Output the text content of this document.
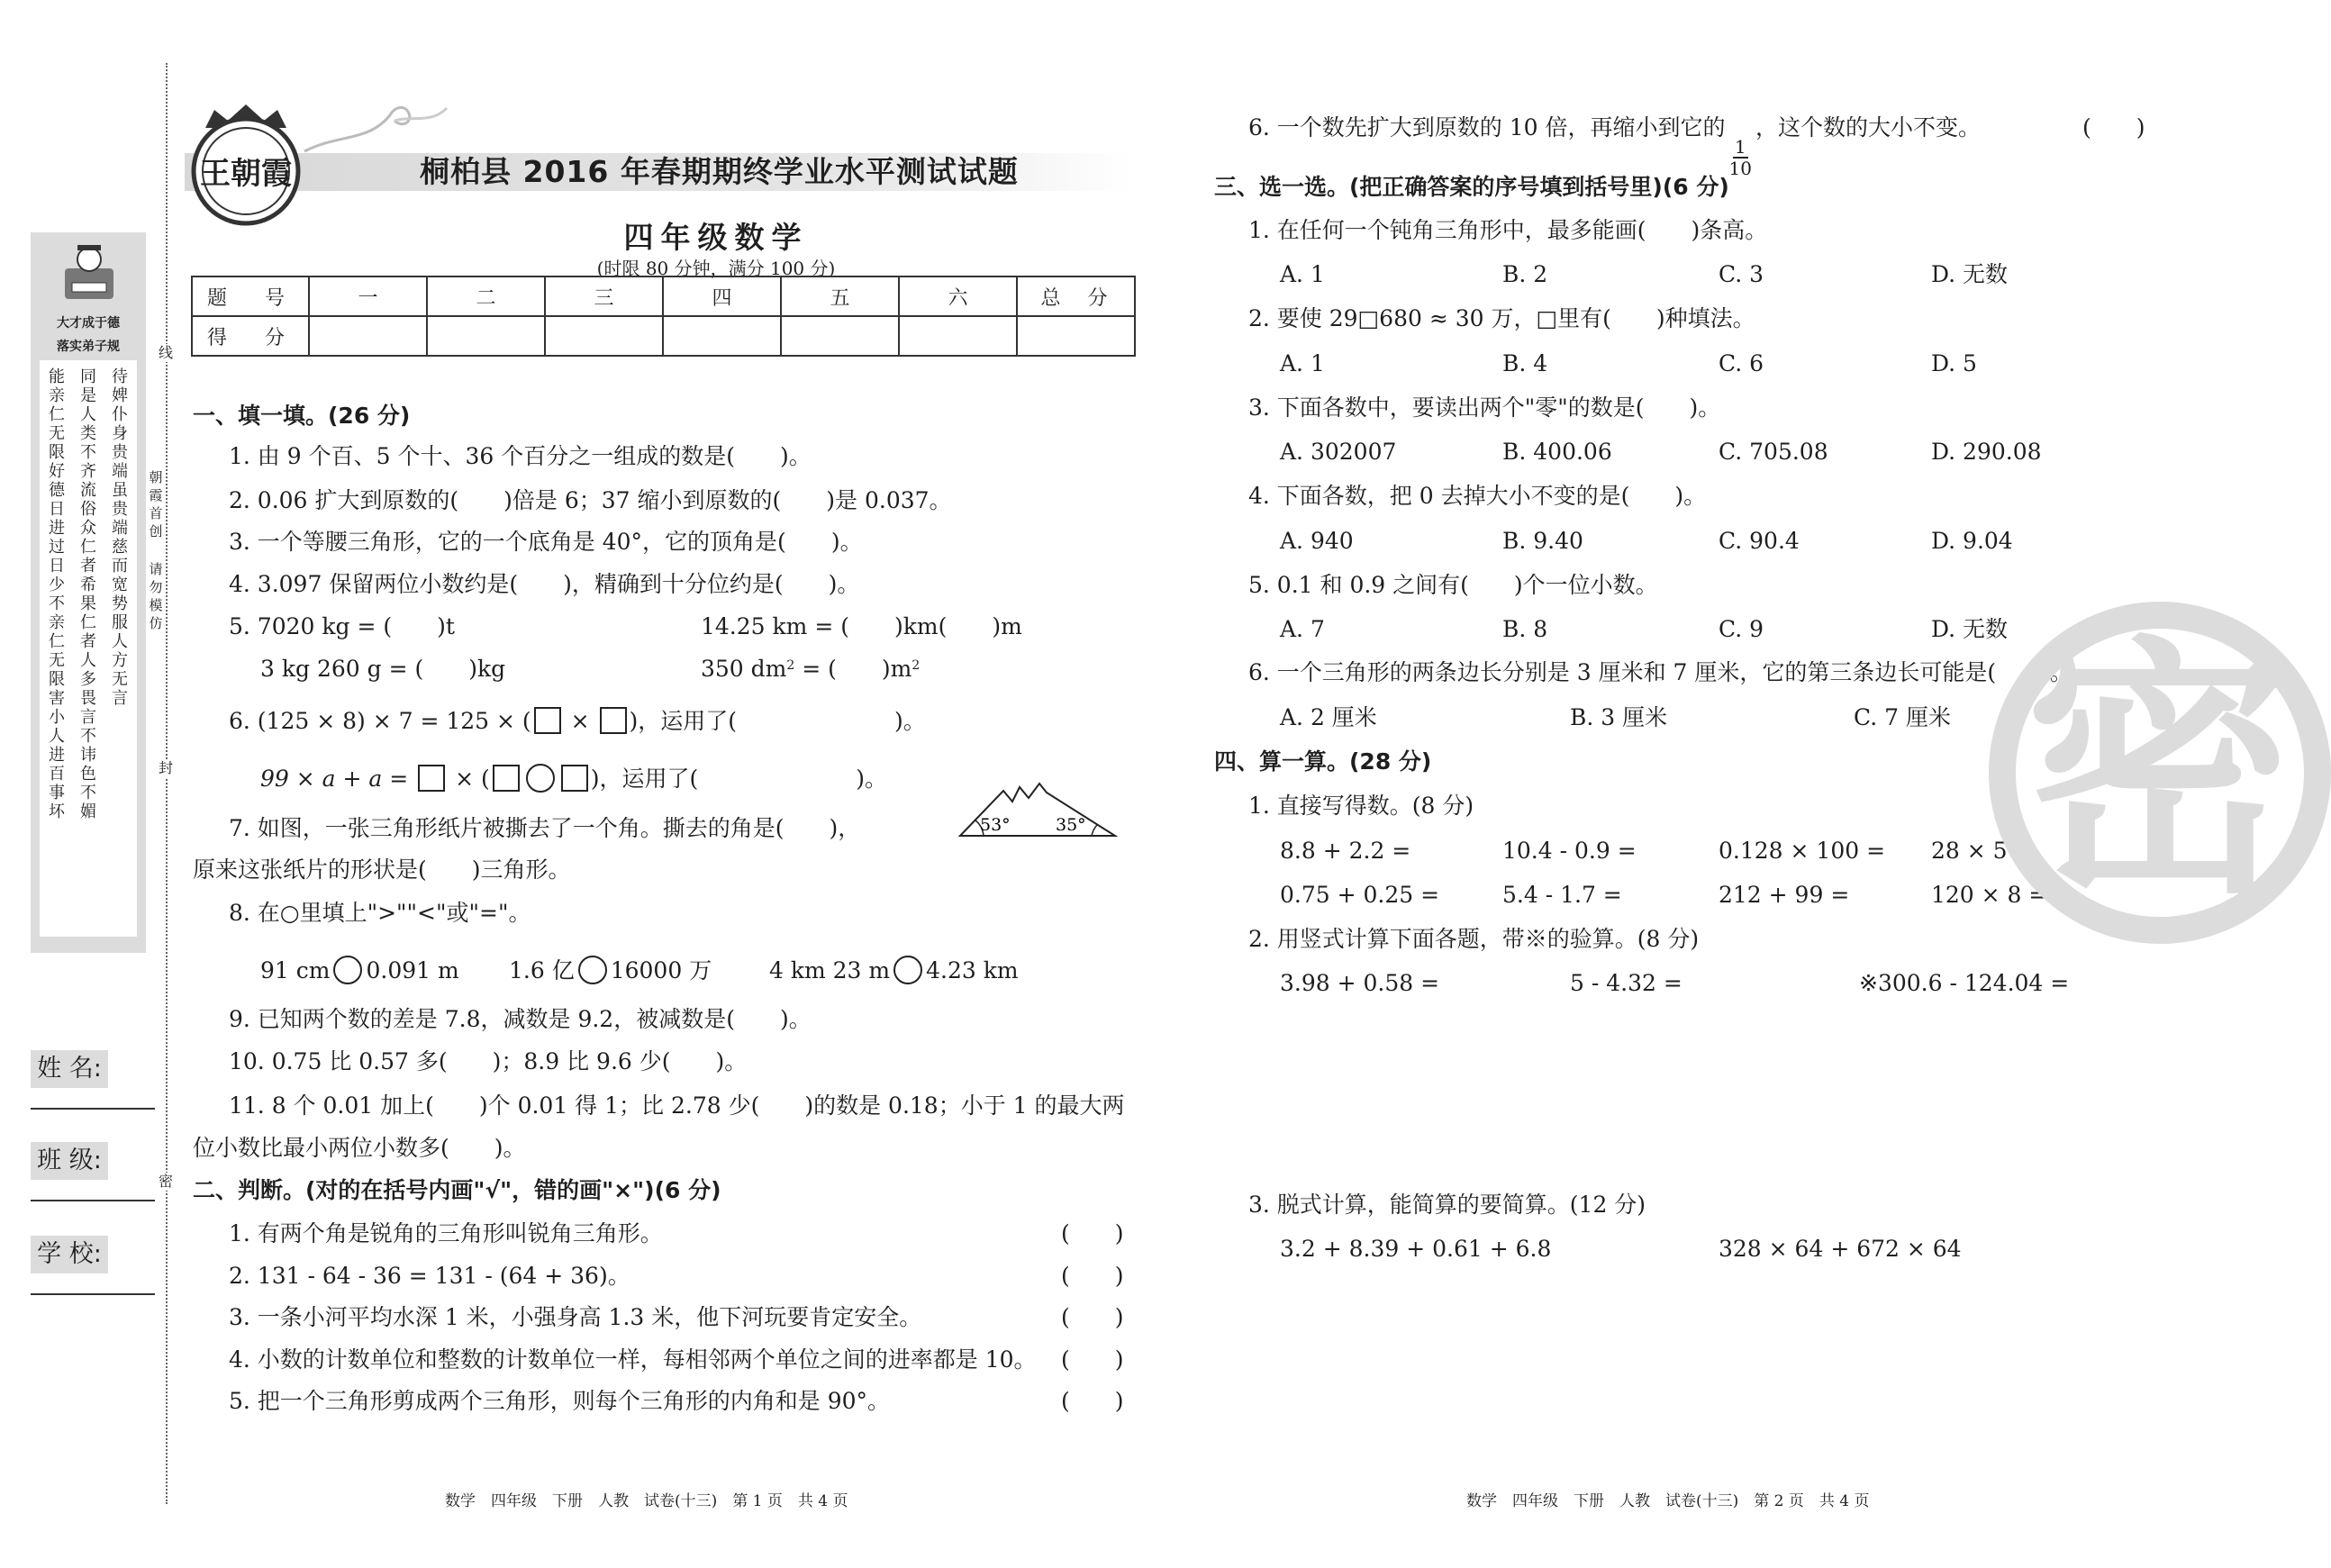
线
封
密
大才成于德
落实弟子规
能亲仁无限好德日进过日少不亲仁无限害小人进百事坏
同是人类不齐流俗众仁者希果仁者人多畏言不讳色不媚
待婢仆身贵端虽贵端慈而宽势服人方无言
朝霞首创
请勿模仿
姓 名:
班 级:
学 校:
王朝霞	桐柏县 2016 年春期期终学业水平测试试题
四年级数学
(时限 80 分钟，满分 100 分)
题　号	一	二	三	四	五	六	总　分
得　分							
一、填一填。(26 分)
1. 由 9 个百、5 个十、36 个百分之一组成的数是(　　)。
2. 0.06 扩大到原数的(　　)倍是 6；37 缩小到原数的(　　)是 0.037。
3. 一个等腰三角形，它的一个底角是 40°，它的顶角是(　　)。
4. 3.097 保留两位小数约是(　　)，精确到十分位约是(　　)。
5. 7020 kg = (　　)t	14.25 km = (　　)km(　　)m
3 kg 260 g = (　　)kg	350 $dm^2$ = (　　)$m^2$
6. (125 × 8) × 7 = 125 × ( × )，运用了(　　　　　　　)。
99 × a + a =  × (	)，运用了(　　　　　　　)。
7. 如图，一张三角形纸片被撕去了一个角。撕去的角是(　　)，
原来这张纸片的形状是(　　)三角形。
53°	35°
8. 在○里填上">""<"或"="。
91 cm 0.091 m 1.6 亿 16000 万	4 km 23 m 4.23 km
9. 已知两个数的差是 7.8，减数是 9.2，被减数是(　　)。
10. 0.75 比 0.57 多(　　)；8.9 比 9.6 少(　　)。
11. 8 个 0.01 加上(　　)个 0.01 得 1；比 2.78 少(　　)的数是 0.18；小于 1 的最大两
位小数比最小两位小数多(　　)。
二、判断。(对的在括号内画"√"，错的画"×")(6 分)
1. 有两个角是锐角的三角形叫锐角三角形。	(　　)
2. 131 - 64 - 36 = 131 - (64 + 36)。	(　　)
3. 一条小河平均水深 1 米，小强身高 1.3 米，他下河玩要肯定安全。	(　　)
4. 小数的计数单位和整数的计数单位一样，每相邻两个单位之间的进率都是 10。 (　　)
5. 把一个三角形剪成两个三角形，则每个三角形的内角和是 90°。	(　　)
6. 一个数先扩大到原数的 10 倍，再缩小到它的
$\frac{1}{10}$
，这个数的大小不变。	(　　)
三、选一选。(把正确答案的序号填到括号里)(6 分)
1. 在任何一个钝角三角形中，最多能画(　　)条高。
A. 1	B. 2	C. 3	D. 无数
2. 要使 29□680 ≈ 30 万，□里有(　　)种填法。
A. 1	B. 4	C. 6	D. 5
3. 下面各数中，要读出两个"零"的数是(　　)。
A. 302007	B. 400.06	C. 705.08	D. 290.08
4. 下面各数，把 0 去掉大小不变的是(　　)。
A. 940	B. 9.40	C. 90.4	D. 9.04
5. 0.1 和 0.9 之间有(　　)个一位小数。
A. 7	B. 8	C. 9	D. 无数
6. 一个三角形的两条边长分别是 3 厘米和 7 厘米，它的第三条边长可能是(　　)。
A. 2 厘米	B. 3 厘米	C. 7 厘米
四、算一算。(28 分)
1. 直接写得数。(8 分)
8.8 + 2.2 =	10.4 - 0.9 =	0.128 × 100 = 28 × 5 =
0.75 + 0.25 =	5.4 - 1.7 =	212 + 99 =	120 × 8 =
2. 用竖式计算下面各题，带※的验算。(8 分)
3.98 + 0.58 =	5 - 4.32 =	※300.6 - 124.04 =
3. 脱式计算，能简算的要简算。(12 分)
3.2 + 8.39 + 0.61 + 6.8	328 × 64 + 672 × 64
密
数学　四年级　下册　人教　试卷(十三)　第 1 页　共 4 页	数学　四年级　下册　人教　试卷(十三)　第 2 页　共 4 页
